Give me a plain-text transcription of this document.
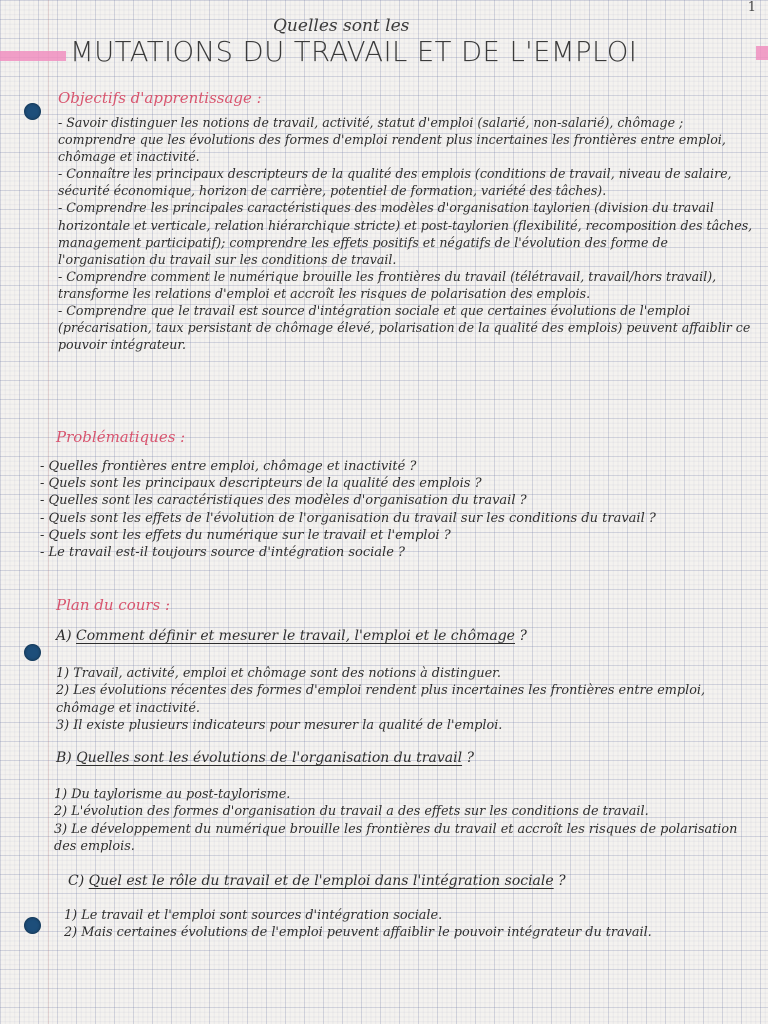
1
Quelles sont les
MUTATIONS DU TRAVAIL ET DE L'EMPLOI
Objectifs d'apprentissage :

- Savoir distinguer les notions de travail, activité, statut d'emploi (salarié, non-salarié), chômage ; comprendre que les évolutions des formes d'emploi rendent plus incertaines les frontières entre emploi, chômage et inactivité.

- Connaître les principaux descripteurs de la qualité des emplois (conditions de travail, niveau de salaire, sécurité économique, horizon de carrière, potentiel de formation, variété des tâches).

- Comprendre les principales caractéristiques des modèles d'organisation taylorien (division du travail horizontale et verticale, relation hiérarchique stricte) et post-taylorien (flexibilité, recomposition des tâches, management participatif); comprendre les effets positifs et négatifs de l'évolution des forme de l'organisation du travail sur les conditions de travail.

- Comprendre comment le numérique brouille les frontières du travail (télétravail, travail/hors travail), transforme les relations d'emploi et accroît les risques de polarisation des emplois.

- Comprendre que le travail est source d'intégration sociale et que certaines évolutions de l'emploi (précarisation, taux persistant de chômage élevé, polarisation de la qualité des emplois) peuvent affaiblir ce pouvoir intégrateur.

Problématiques :

- Quelles frontières entre emploi, chômage et inactivité ?

- Quels sont les principaux descripteurs de la qualité des emplois ?

- Quelles sont les caractéristiques des modèles d'organisation du travail ?

- Quels sont les effets de l'évolution de l'organisation du travail sur les conditions du travail ?

- Quels sont les effets du numérique sur le travail et l'emploi ?

- Le travail est-il toujours source d'intégration sociale ?

Plan du cours :
A) Comment définir et mesurer le travail, l'emploi et le chômage ?

1) Travail, activité, emploi et chômage sont des notions à distinguer.

2) Les évolutions récentes des formes d'emploi rendent plus incertaines les frontières entre emploi, chômage et inactivité.

3) Il existe plusieurs indicateurs pour mesurer la qualité de l'emploi.

B) Quelles sont les évolutions de l'organisation du travail ?

1) Du taylorisme au post-taylorisme.

2) L'évolution des formes d'organisation du travail a des effets sur les conditions de travail.

3) Le développement du numérique brouille les frontières du travail et accroît les risques de polarisation des emplois.

C) Quel est le rôle du travail et de l'emploi dans l'intégration sociale ?

1) Le travail et l'emploi sont sources d'intégration sociale.

2) Mais certaines évolutions de l'emploi peuvent affaiblir le pouvoir intégrateur du travail.
